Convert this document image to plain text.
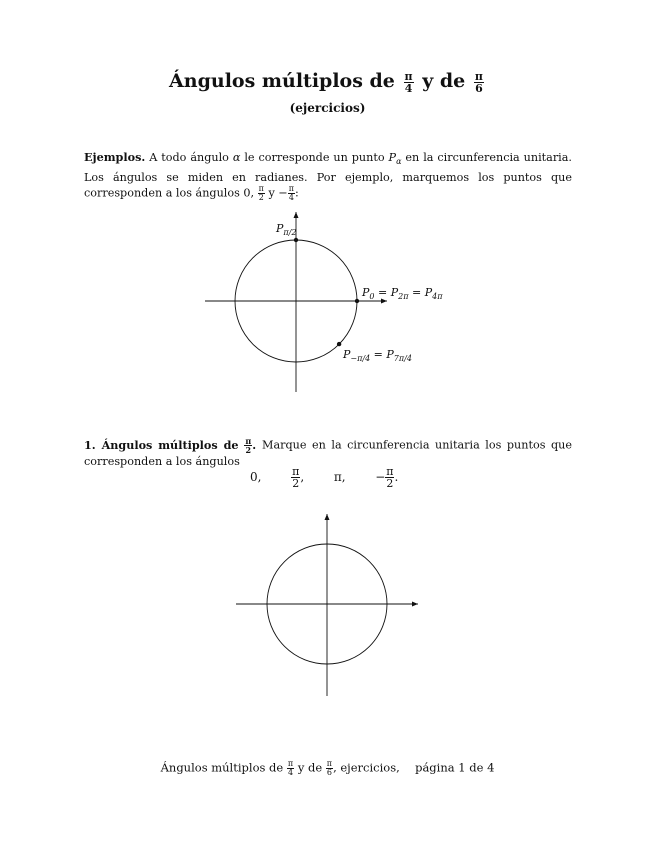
Ángulos múltiplos de $\frac{\pi}{4}$ y de $\frac{\pi}{6}$
(ejercicios)
Ejemplos. A todo ángulo α le corresponde un punto $P_\alpha$ en la circunferencia unitaria. Los ángulos se miden en radianes. Por ejemplo, marquemos los puntos que corresponden a los ángulos 0, $\frac{\pi}{2}$ $y - \frac{\pi}{4}$ :
$P_{\pi/2}$
$P_0 = P_{2\pi} = P_{4\pi}$
$P_{-\pi/4} = P_{7\pi/4}$
1. Ángulos múltiplos de $\frac{\pi}{2}$ . Marque en la circunferencia unitaria los puntos que corresponden a los ángulos
0,	$\frac{\pi}{2}$ , π, − $\frac{\pi}{2}$ .
Ángulos múltiplos de $\frac{\pi}{4}$ y de $\frac{\pi}{6}$ , ejercicios, página 1 de 4
